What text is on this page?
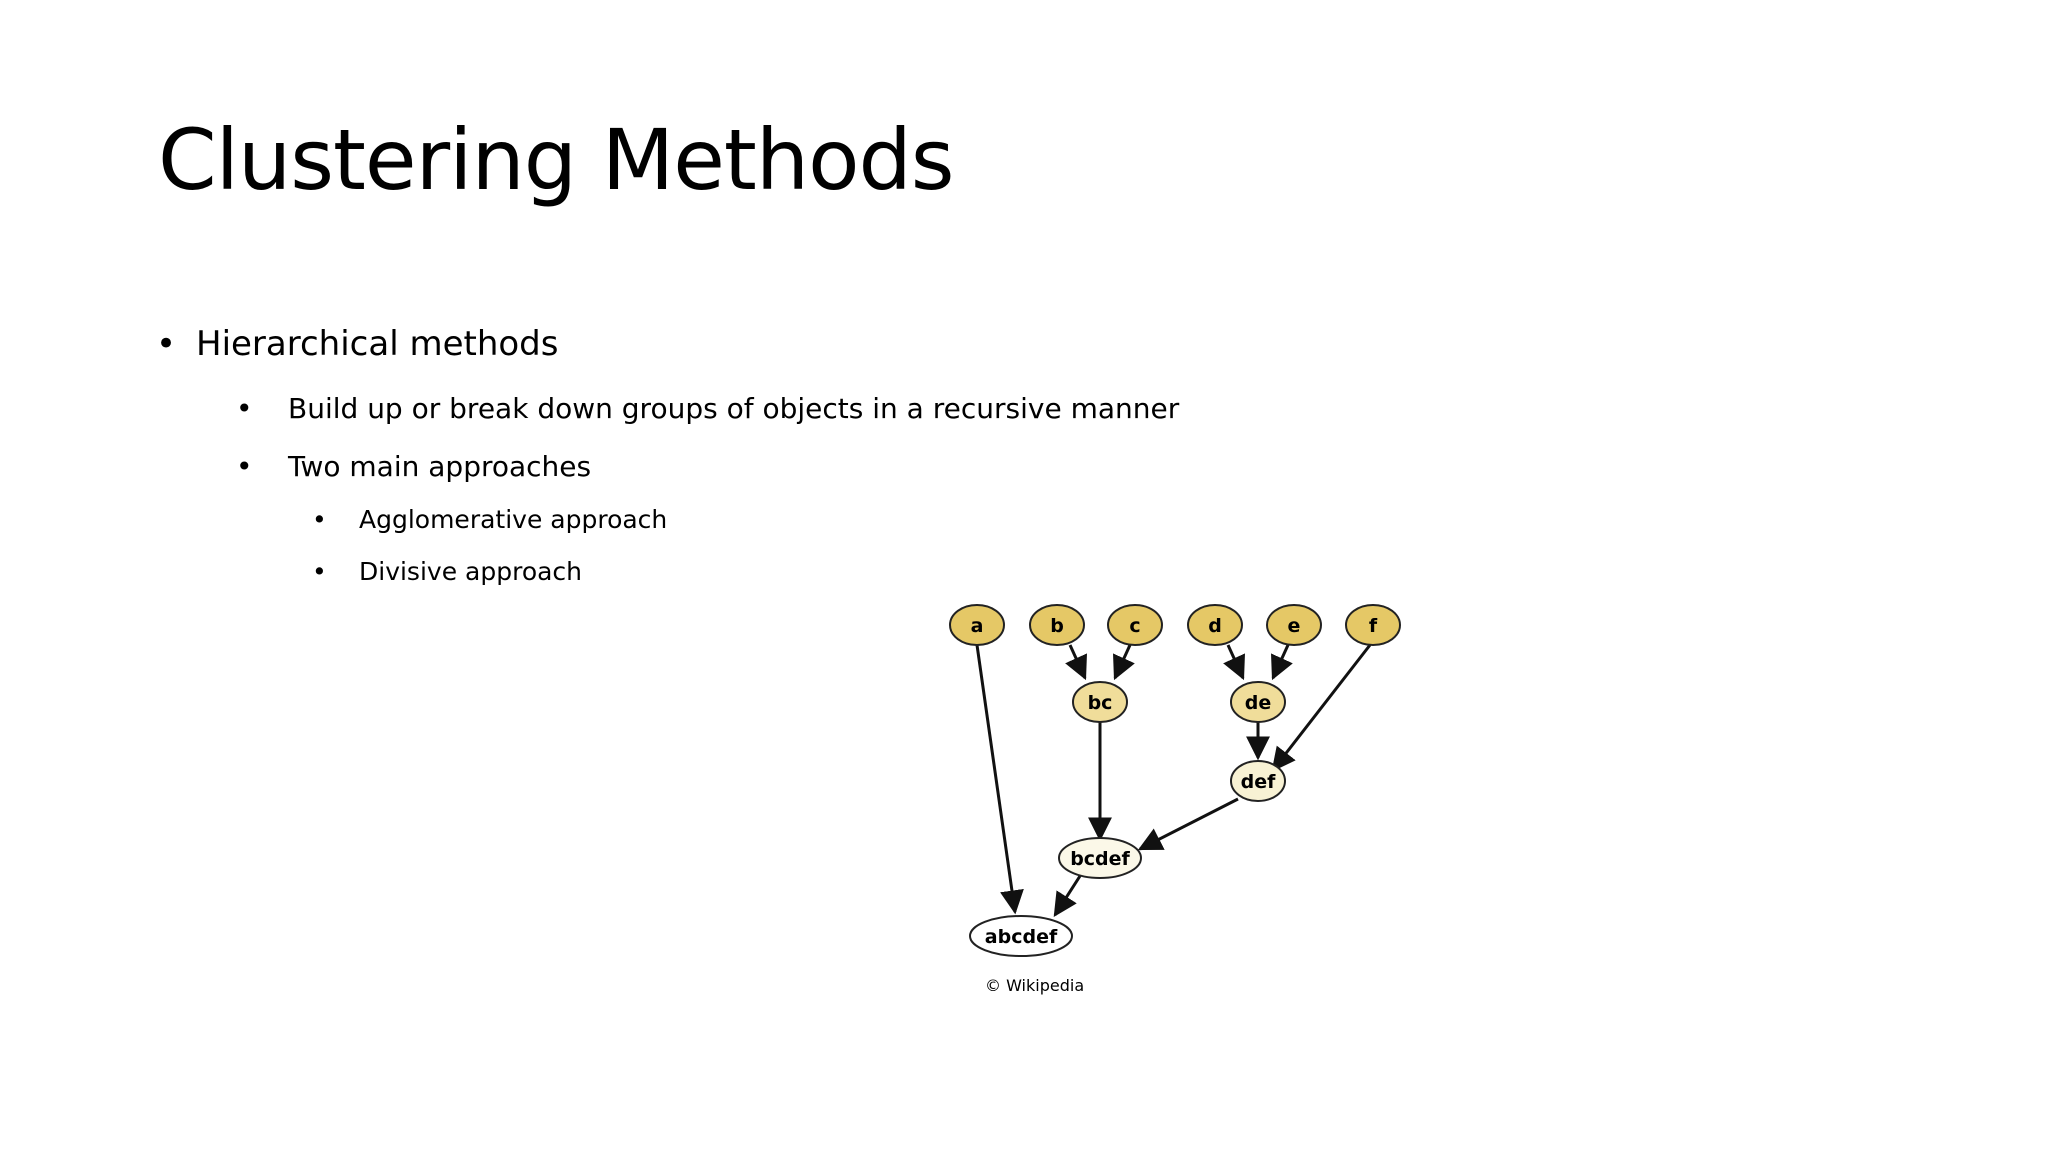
Clustering Methods
• Hierarchical methods
•	Build up or break down groups of objects in a recursive manner
•	Two main approaches
•	Agglomerative approach
•	Divisive approach
a	b	c	d	e	f
bc	de
def
bcdef
abcdef
© Wikipedia
